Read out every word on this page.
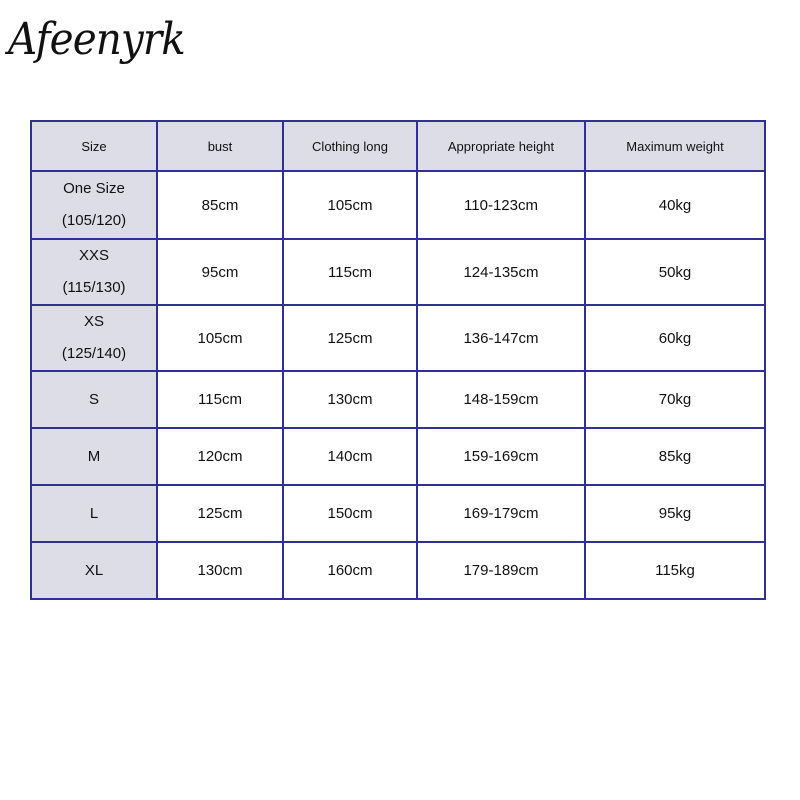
Afeenyrk
Size	bust	Clothing long	Appropriate height	Maximum weight

One Size
(105/120)	85cm	105cm	110-123cm	40kg

XXS
(115/130)	95cm	115cm	124-135cm	50kg

XS
(125/140)	105cm	125cm	136-147cm	60kg
S	115cm	130cm	148-159cm	70kg
M	120cm	140cm	159-169cm	85kg
L	125cm	150cm	169-179cm	95kg
XL	130cm	160cm	179-189cm	115kg
